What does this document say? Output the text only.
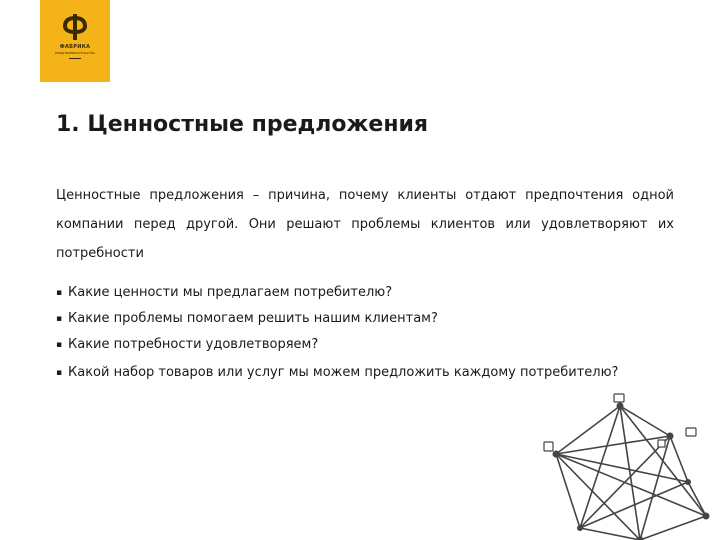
ФАБРИКА
ПРЕДПРИНИМАТЕЛЬСТВА
1. Ценностные предложения

Ценностные предложения – причина, почему клиенты отдают предпочтения одной компании перед другой. Они решают проблемы клиентов или удовлетворяют их потребности

▪ Какие ценности мы предлагаем потребителю?
▪ Какие проблемы помогаем решить нашим клиентам?
▪ Какие потребности удовлетворяем?
▪ Какой набор товаров или услуг мы можем предложить каждому потребителю?
